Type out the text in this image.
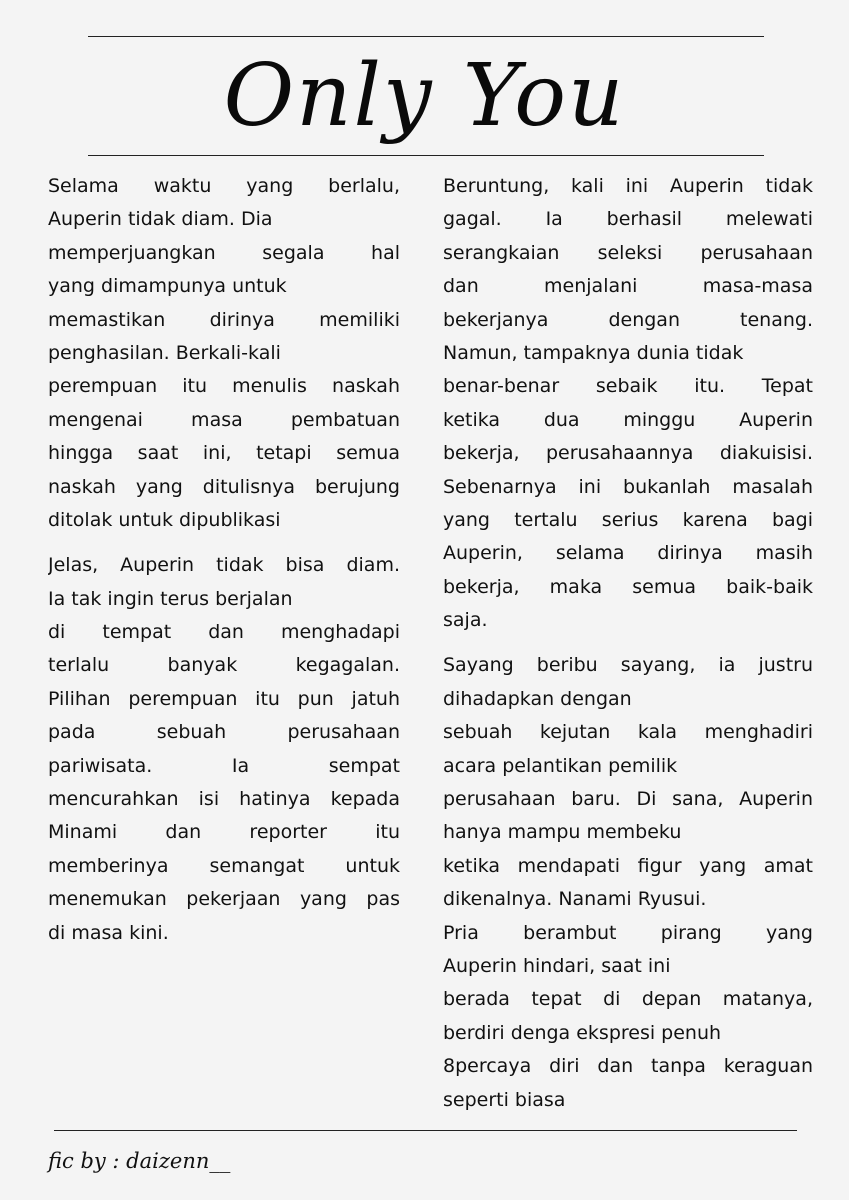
Only You
Selama waktu yang berlalu,
Auperin tidak diam. Dia
memperjuangkan segala hal
yang dimampunya untuk
memastikan dirinya memiliki
penghasilan. Berkali-kali
perempuan itu menulis naskah
mengenai masa pembatuan
hingga saat ini, tetapi semua
naskah yang ditulisnya berujung
ditolak untuk dipublikasi
Jelas, Auperin tidak bisa diam.
Ia tak ingin terus berjalan
di tempat dan menghadapi
terlalu banyak kegagalan.
Pilihan perempuan itu pun jatuh
pada sebuah perusahaan
pariwisata. Ia sempat
mencurahkan isi hatinya kepada
Minami dan reporter itu
memberinya semangat untuk
menemukan pekerjaan yang pas
di masa kini.
Beruntung, kali ini Auperin tidak
gagal. Ia berhasil melewati
serangkaian seleksi perusahaan
dan menjalani masa-masa
bekerjanya dengan tenang.
Namun, tampaknya dunia tidak
benar-benar sebaik itu. Tepat
ketika dua minggu Auperin
bekerja, perusahaannya diakuisisi.
Sebenarnya ini bukanlah masalah
yang tertalu serius karena bagi
Auperin, selama dirinya masih
bekerja, maka semua baik-baik
saja.
Sayang beribu sayang, ia justru
dihadapkan dengan
sebuah kejutan kala menghadiri
acara pelantikan pemilik
perusahaan baru. Di sana, Auperin
hanya mampu membeku
ketika mendapati figur yang amat
dikenalnya. Nanami Ryusui.
Pria berambut pirang yang
Auperin hindari, saat ini
berada tepat di depan matanya,
berdiri denga ekspresi penuh
8percaya diri dan tanpa keraguan
seperti biasa
fic by : daizenn__
